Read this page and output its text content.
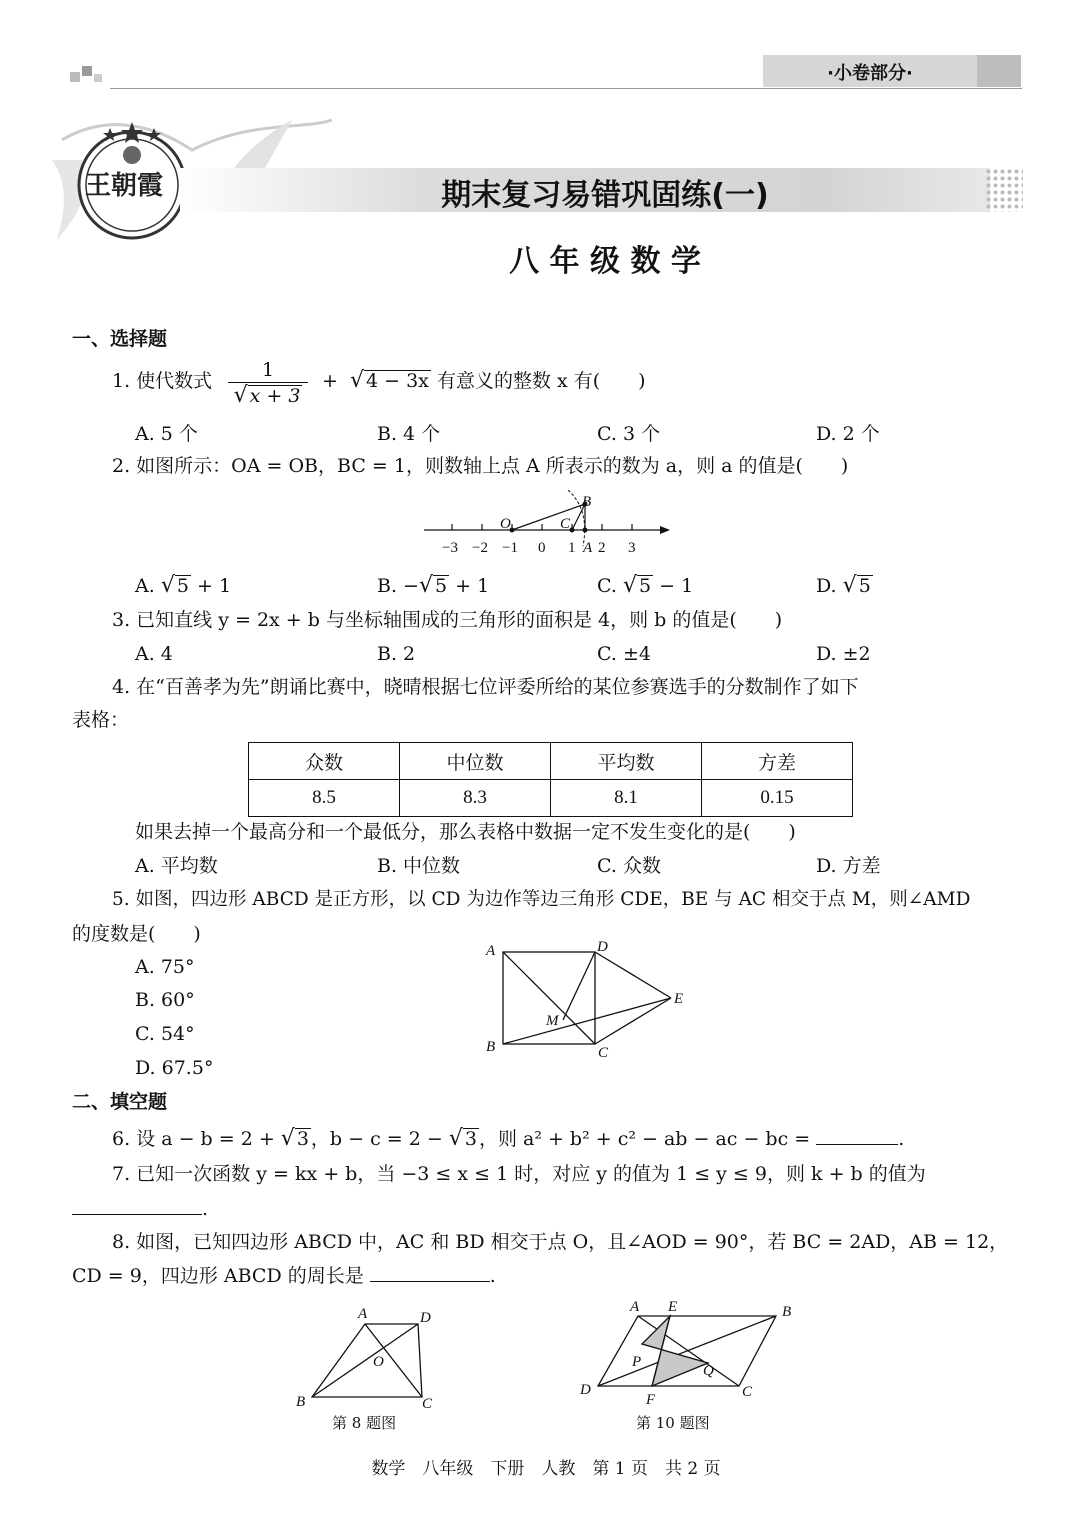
·小卷部分·
王朝霞	期末复习易错巩固练(一)
八 年 级 数 学
一、选择题
1. 使代数式	1
√ x + 3
+ √ 4 − 3x 有意义的整数 x 有(　　)
A. 5 个	B. 4 个	C. 3 个	D. 2 个
2. 如图所示：OA = OB，BC = 1，则数轴上点 A 所表示的数为 a，则 a 的值是(　　)
−3 −2 −1 0 1 2 3
O	C
B
A
A. √ 5 + 1	B. −√ 5 + 1	C. √ 5 − 1	D. √ 5
3. 已知直线 y = 2x + b 与坐标轴围成的三角形的面积是 4，则 b 的值是(　　)
A. 4	B. 2	C. ±4	D. ±2
4. 在“百善孝为先”朗诵比赛中，晓晴根据七位评委所给的某位参赛选手的分数制作了如下
表格：
众数	中位数	平均数	方差
8.5	8.3	8.1	0.15
如果去掉一个最高分和一个最低分，那么表格中数据一定不发生变化的是(　　)
A. 平均数	B. 中位数	C. 众数	D. 方差
5. 如图，四边形 ABCD 是正方形，以 CD 为边作等边三角形 CDE，BE 与 AC 相交于点 M，则∠AMD
的度数是(　　)
A. 75°
B. 60°
C. 54°
D. 67.5°
A	D
E
M
B	C
二、填空题
6. 设 a − b = 2 + √ 3 ，b − c = 2 − √ 3 ，则 a² + b² + c² − ab − ac − bc =	.
7. 已知一次函数 y = kx + b，当 −3 ≤ x ≤ 1 时，对应 y 的值为 1 ≤ y ≤ 9，则 k + b 的值为
.
8. 如图，已知四边形 ABCD 中，AC 和 BD 相交于点 O，且∠AOD = 90°，若 BC = 2AD，AB = 12，
CD = 9，四边形 ABCD 的周长是	.
A	D
O
B	C
第 8 题图
A E	B
P
Q
D
F	C
第 10 题图
数学　八年级　下册　人教　第 1 页　共 2 页
